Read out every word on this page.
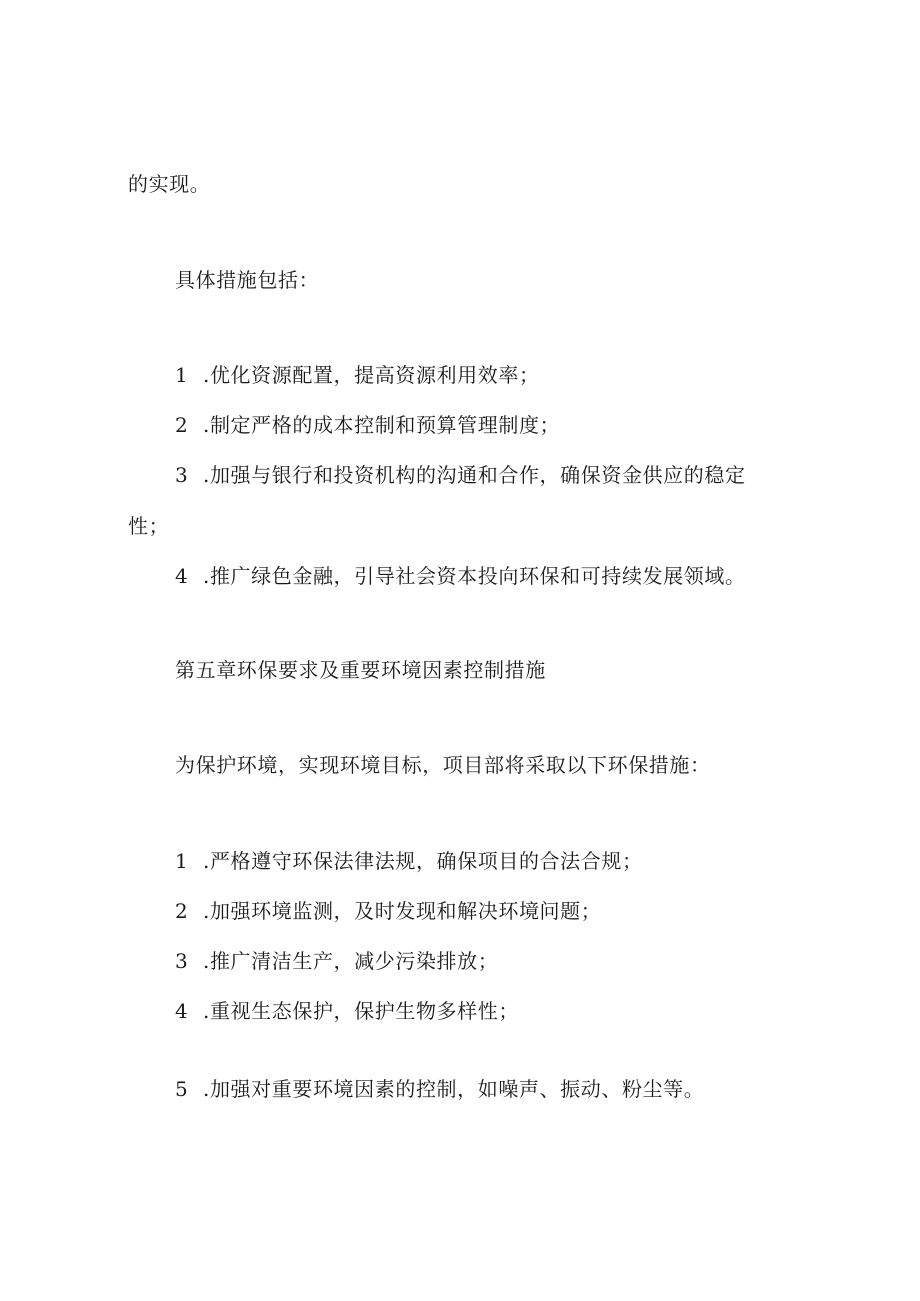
的实现。
具体措施包括：
1 .优化资源配置，提高资源利用效率；
2 .制定严格的成本控制和预算管理制度；
3 .加强与银行和投资机构的沟通和合作，确保资金供应的稳定
性；
4 .推广绿色金融，引导社会资本投向环保和可持续发展领域。
第五章环保要求及重要环境因素控制措施
为保护环境，实现环境目标，项目部将采取以下环保措施：
1 .严格遵守环保法律法规，确保项目的合法合规；
2 .加强环境监测，及时发现和解决环境问题；
3 .推广清洁生产，减少污染排放；
4 .重视生态保护，保护生物多样性；
5 .加强对重要环境因素的控制，如噪声、振动、粉尘等。
